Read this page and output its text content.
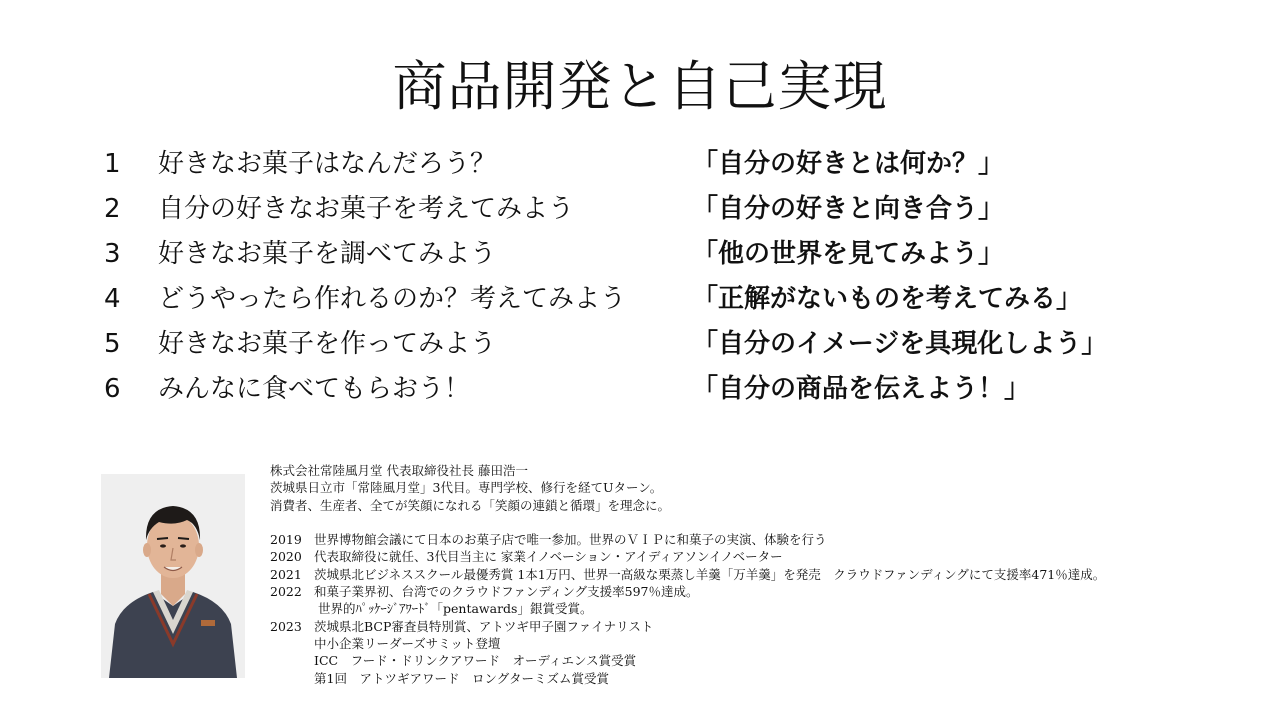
商品開発と自己実現
1	好きなお菓子はなんだろう？	「自分の好きとは何か？」
2	自分の好きなお菓子を考えてみよう	「自分の好きと向き合う」
3	好きなお菓子を調べてみよう	「他の世界を見てみよう」
4	どうやったら作れるのか？考えてみよう	「正解がないものを考えてみる」
5	好きなお菓子を作ってみよう	「自分のイメージを具現化しよう」
6	みんなに食べてもらおう！	「自分の商品を伝えよう！」
株式会社常陸風月堂 代表取締役社長 藤田浩一
茨城県日立市「常陸風月堂」3代目。専門学校、修行を経てUターン。
消費者、生産者、全てが笑顔になれる「笑顔の連鎖と循環」を理念に。
2019 世界博物館会議にて日本のお菓子店で唯一参加。世界のＶＩＰに和菓子の実演、体験を行う
2020 代表取締役に就任、3代目当主に 家業イノベーション・アイディアソンイノベーター
2021 茨城県北ビジネススクール最優秀賞 1本1万円、世界一高級な栗蒸し羊羹「万羊羹」を発売　クラウドファンディングにて支援率471％達成。
2022 和菓子業界初、台湾でのクラウドファンディング支援率597％達成。
世界的ﾊﾟｯｹｰｼﾞｱﾜｰﾄﾞ「pentawards」銀賞受賞。
2023 茨城県北BCP審査員特別賞、アトツギ甲子園ファイナリスト
中小企業リーダーズサミット登壇
ICC　フード・ドリンクアワード　オーディエンス賞受賞
第1回　アトツギアワード　ロングターミズム賞受賞
